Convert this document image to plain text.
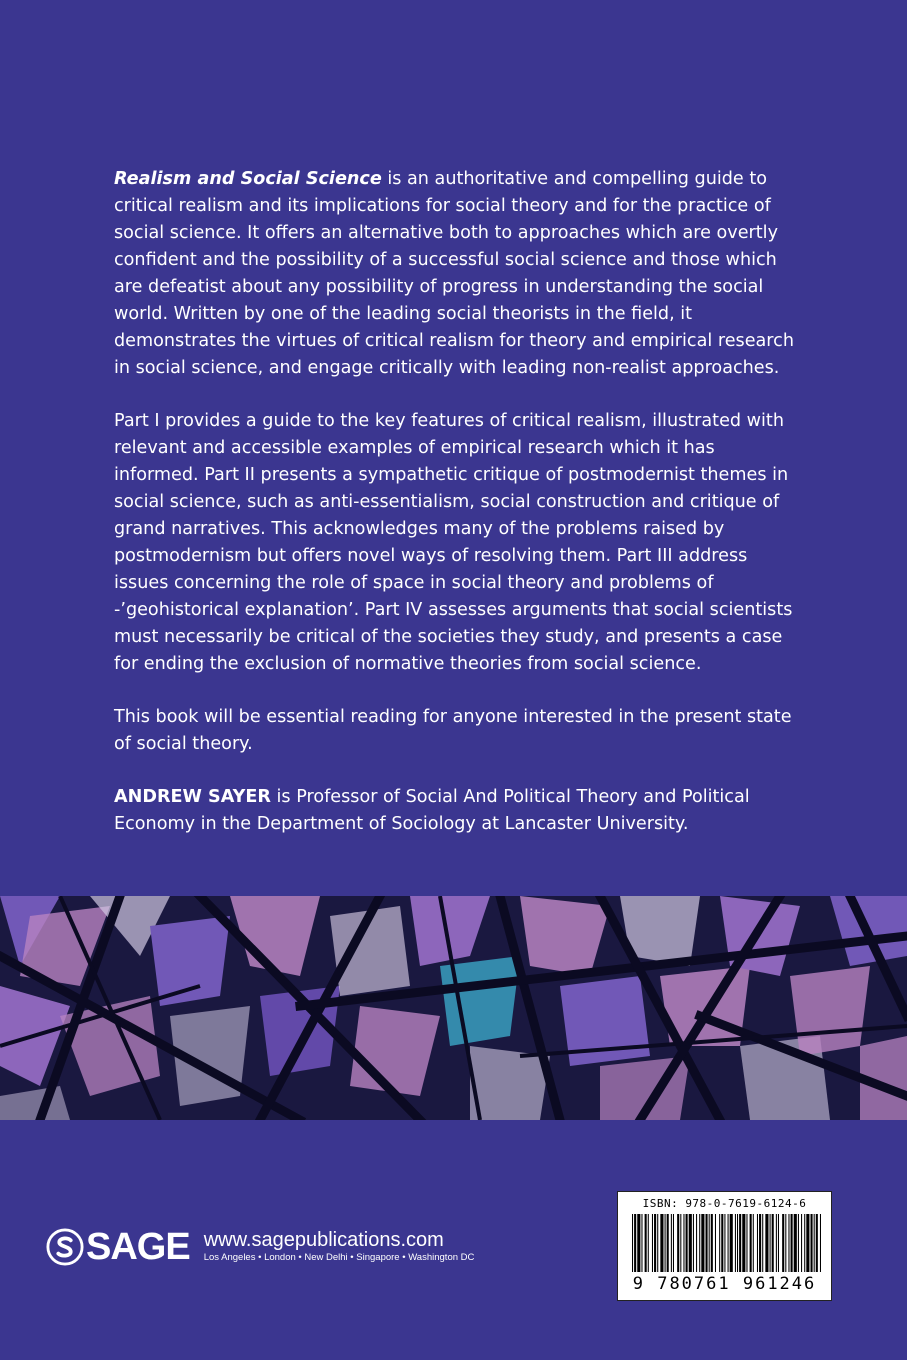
Realism and Social Science is an authoritative and compelling guide to critical realism and its implications for social theory and for the practice of social science. It offers an alternative both to approaches which are overtly confident and the possibility of a successful social science and those which are defeatist about any possibility of progress in understanding the social world. Written by one of the leading social theorists in the field, it demonstrates the virtues of critical realism for theory and empirical research in social science, and engage critically with leading non-realist approaches.

Part I provides a guide to the key features of critical realism, illustrated with relevant and accessible examples of empirical research which it has informed. Part II presents a sympathetic critique of postmodernist themes in social science, such as anti-essentialism, social construction and critique of grand narratives. This acknowledges many of the problems raised by postmodernism but offers novel ways of resolving them. Part III address issues concerning the role of space in social theory and problems of -’geohistorical explanation’. Part IV assesses arguments that social scientists must necessarily be critical of the societies they study, and presents a case for ending the exclusion of normative theories from social science.

This book will be essential reading for anyone interested in the present state of social theory.

ANDREW SAYER is Professor of Social And Political Theory and Political Economy in the Department of Sociology at Lancaster University.

SAGE www.sagepublications.com
Los Angeles • London • New Delhi • Singapore • Washington DC
ISBN: 978-0-7619-6124-6
9 780761 961246
